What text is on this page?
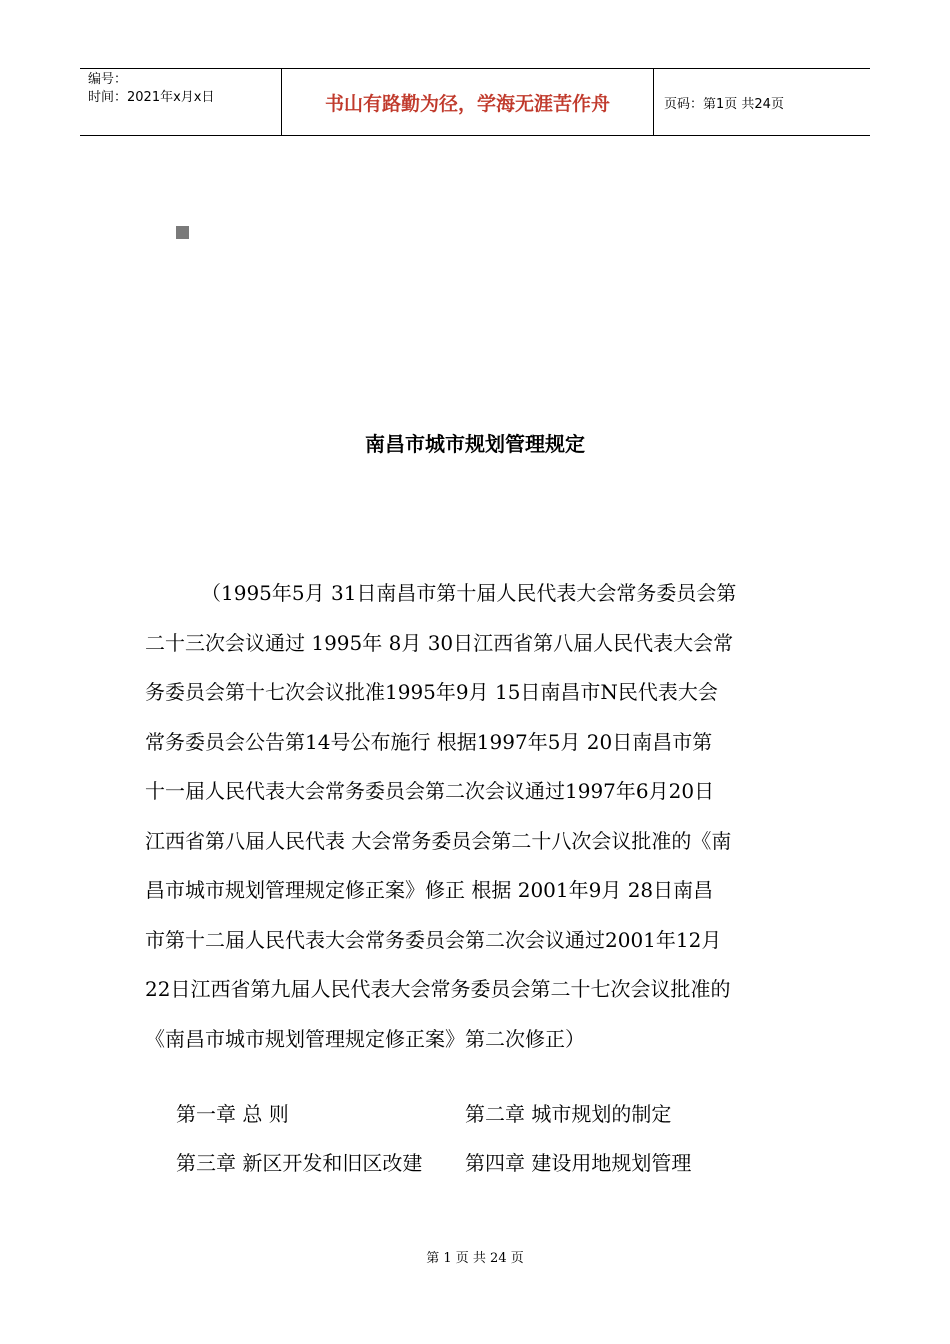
编号：
时间：2021年x月x日	书山有路勤为径，学海无涯苦作舟	页码：第1页 共24页
南昌市城市规划管理规定
（1995年5月 31日南昌市第十届人民代表大会常务委员会第
二十三次会议通过 1995年 8月 30日江西省第八届人民代表大会常
务委员会第十七次会议批准1995年9月 15日南昌市N民代表大会
常务委员会公告第14号公布施行 根据1997年5月 20日南昌市第
十一届人民代表大会常务委员会第二次会议通过1997年6月20日
江西省第八届人民代表 大会常务委员会第二十八次会议批准的《南
昌市城市规划管理规定修正案》修正 根据 2001年9月 28日南昌
市第十二届人民代表大会常务委员会第二次会议通过2001年12月
22日江西省第九届人民代表大会常务委员会第二十七次会议批准的
《南昌市城市规划管理规定修正案》第二次修正）
第一章 总 则	第二章 城市规划的制定
第三章 新区开发和旧区改建 第四章 建设用地规划管理
第 1 页 共 24 页
